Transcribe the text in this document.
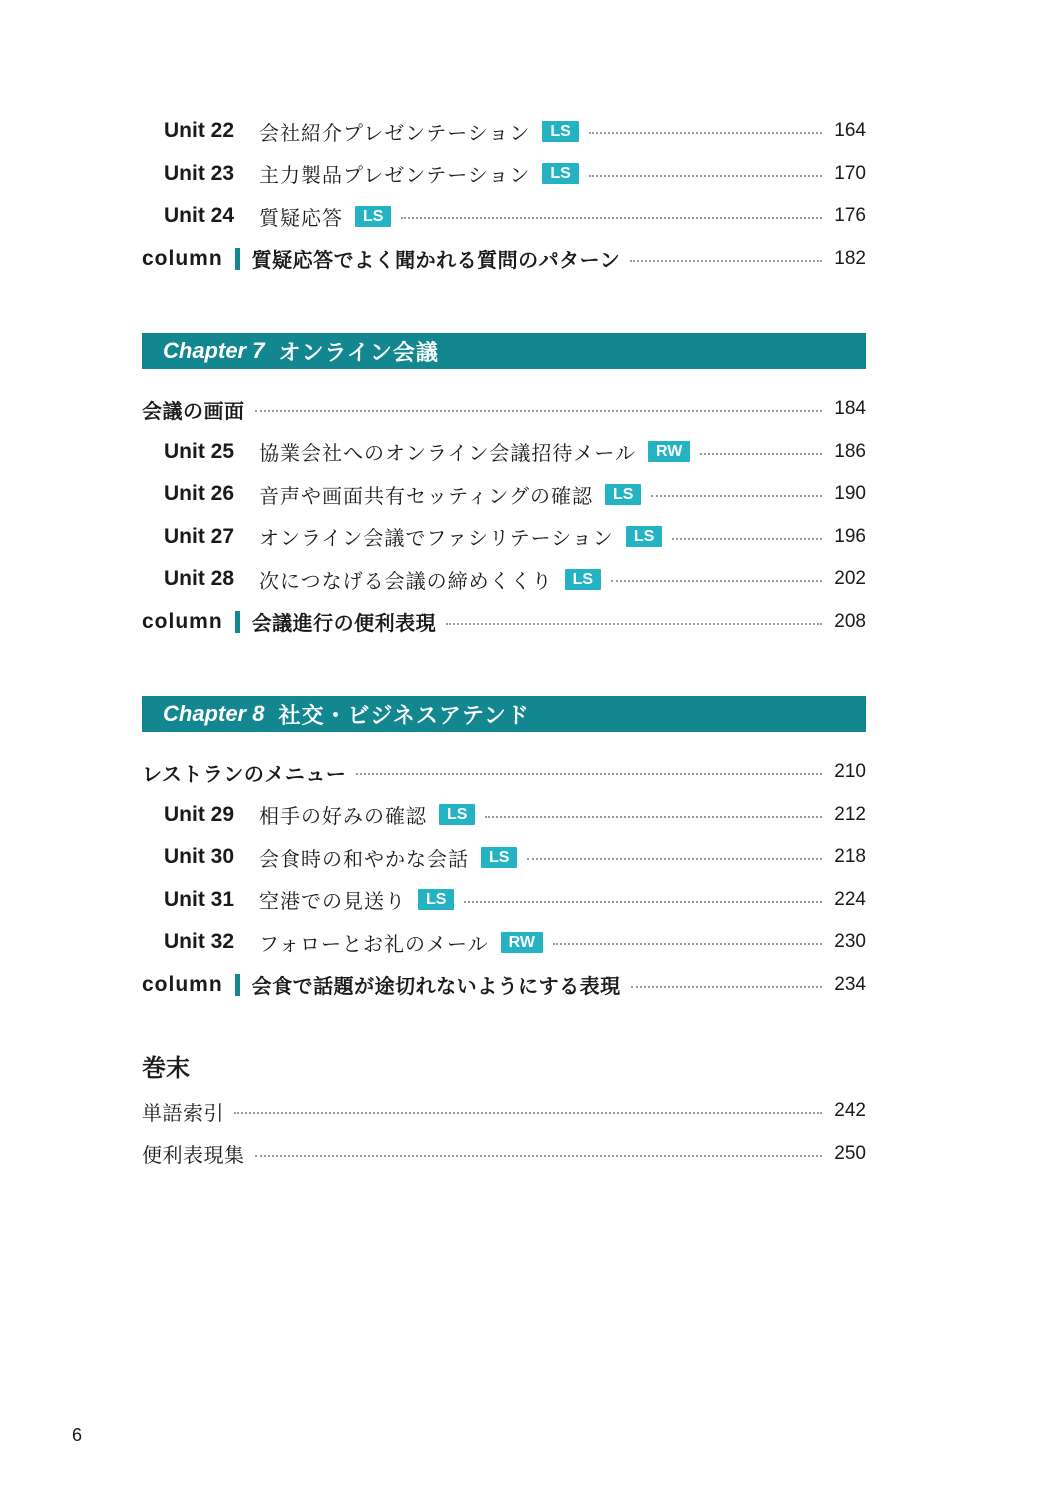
Unit 22	会社紹介プレゼンテーション	LS	164
Unit 23	主力製品プレゼンテーション	LS	170
Unit 24	質疑応答	LS	176
column 質疑応答でよく聞かれる質問のパターン	182
Chapter 7 オンライン会議
会議の画面	184
Unit 25	協業会社へのオンライン会議招待メール	RW	186
Unit 26	音声や画面共有セッティングの確認	LS	190
Unit 27	オンライン会議でファシリテーション	LS	196
Unit 28	次につなげる会議の締めくくり	LS	202
column 会議進行の便利表現	208
Chapter 8 社交・ビジネスアテンド
レストランのメニュー	210
Unit 29	相手の好みの確認	LS	212
Unit 30	会食時の和やかな会話	LS	218
Unit 31	空港での見送り	LS	224
Unit 32	フォローとお礼のメール	RW	230
column 会食で話題が途切れないようにする表現	234
巻末
単語索引	242
便利表現集	250
6
